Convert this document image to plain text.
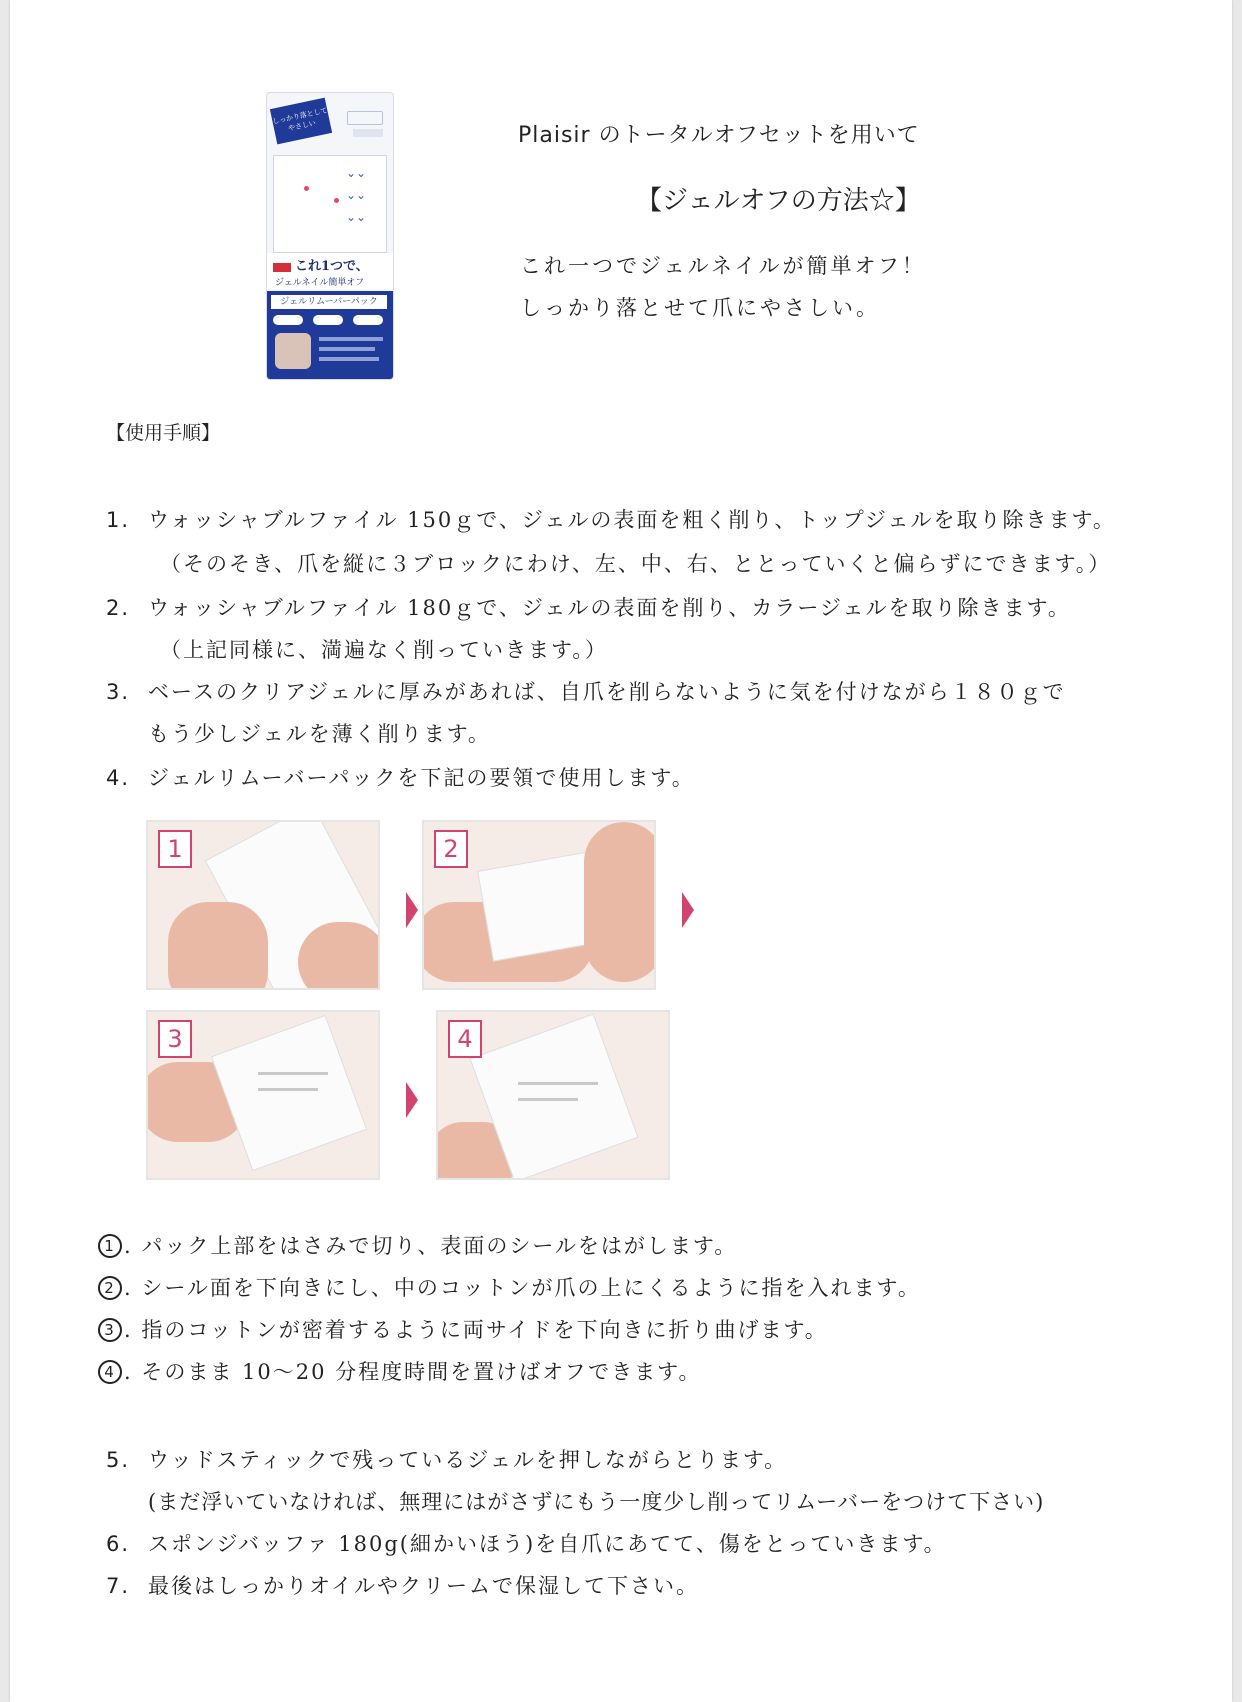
しっかり落としてやさしい
⌄⌄
⌄⌄
⌄⌄
これ1つで、
ジェルネイル簡単オフ
ジェルリムーバーパック
Plaisir のトータルオフセットを用いて
【ジェルオフの方法☆】
これ一つでジェルネイルが簡単オフ！
しっかり落とせて爪にやさしい。
【使用手順】
1. ウォッシャブルファイル 150ｇで、ジェルの表面を粗く削り、トップジェルを取り除きます。
（そのそき、爪を縦に３ブロックにわけ、左、中、右、ととっていくと偏らずにできます。）
2. ウォッシャブルファイル 180ｇで、ジェルの表面を削り、カラージェルを取り除きます。
（上記同様に、満遍なく削っていきます。）
3. ベースのクリアジェルに厚みがあれば、自爪を削らないように気を付けながら１８０ｇで
もう少しジェルを薄く削ります。
4. ジェルリムーバーパックを下記の要領で使用します。
1	2
3	4
1 . パック上部をはさみで切り、表面のシールをはがします。
2 . シール面を下向きにし、中のコットンが爪の上にくるように指を入れます。
3 . 指のコットンが密着するように両サイドを下向きに折り曲げます。
4 . そのまま 10～20 分程度時間を置けばオフできます。
5. ウッドスティックで残っているジェルを押しながらとります。
(まだ浮いていなければ、無理にはがさずにもう一度少し削ってリムーバーをつけて下さい)
6. スポンジバッファ 180g(細かいほう)を自爪にあてて、傷をとっていきます。
7. 最後はしっかりオイルやクリームで保湿して下さい。
